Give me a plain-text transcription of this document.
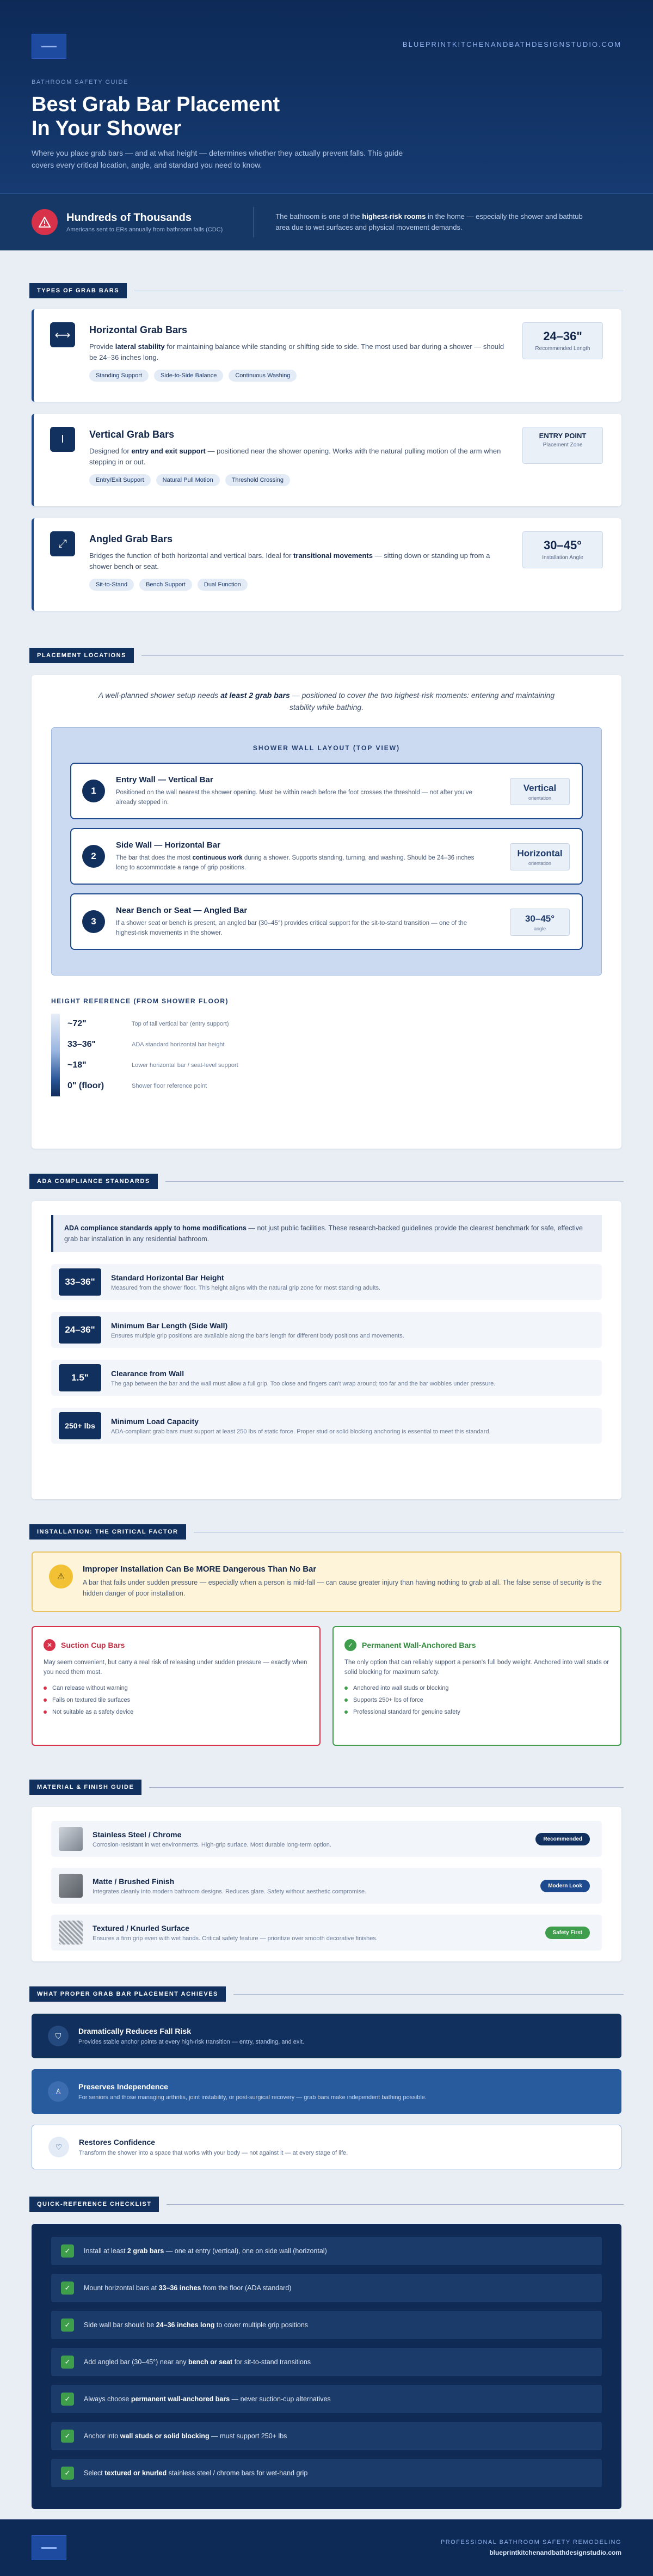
BLUEPRINTKITCHENANDBATHDESIGNSTUDIO.COM
BATHROOM SAFETY GUIDE
Best Grab Bar Placement
In Your Shower

Where you place grab bars — and at what height — determines whether they actually prevent falls. This guide covers every critical location, angle, and standard you need to know.

Hundreds of Thousands
Americans sent to ERs annually from bathroom falls (CDC)
The bathroom is one of the highest-risk rooms in the home — especially the shower and bathtub area due to wet surfaces and physical movement demands.
TYPES OF GRAB BARS
⟷	Horizontal Grab Bars
Provide lateral stability for maintaining balance while standing or shifting side to side. The most used bar during a shower — should be 24–36 inches long.
Standing Support	Side-to-Side Balance	Continuous Washing
24–36"
Recommended Length
I	Vertical Grab Bars
Designed for entry and exit support — positioned near the shower opening. Works with the natural pulling motion of the arm when stepping in or out.
Entry/Exit Support	Natural Pull Motion	Threshold Crossing
ENTRY POINT
Placement Zone
⤢	Angled Grab Bars
Bridges the function of both horizontal and vertical bars. Ideal for transitional movements — sitting down or standing up from a shower bench or seat.
Sit-to-Stand	Bench Support	Dual Function
30–45°
Installation Angle
PLACEMENT LOCATIONS

A well-planned shower setup needs at least 2 grab bars — positioned to cover the two highest-risk moments: entering and maintaining stability while bathing.

SHOWER WALL LAYOUT (TOP VIEW)
1
Entry Wall — Vertical Bar
Positioned on the wall nearest the shower opening. Must be within reach before the foot crosses the threshold — not after you've already stepped in.
Vertical
orientation
2
Side Wall — Horizontal Bar
The bar that does the most continuous work during a shower. Supports standing, turning, and washing. Should be 24–36 inches long to accommodate a range of grip positions.
Horizontal
orientation
3
Near Bench or Seat — Angled Bar
If a shower seat or bench is present, an angled bar (30–45°) provides critical support for the sit-to-stand transition — one of the highest-risk movements in the shower.
30–45°
angle
HEIGHT REFERENCE (FROM SHOWER FLOOR)
~72"	Top of tall vertical bar (entry support)
33–36"	ADA standard horizontal bar height
~18"	Lower horizontal bar / seat-level support
0" (floor)	Shower floor reference point
ADA COMPLIANCE STANDARDS
ADA compliance standards apply to home modifications — not just public facilities. These research-backed guidelines provide the clearest benchmark for safe, effective grab bar installation in any residential bathroom.
33–36"	Standard Horizontal Bar Height
Measured from the shower floor. This height aligns with the natural grip zone for most standing adults.
24–36"	Minimum Bar Length (Side Wall)
Ensures multiple grip positions are available along the bar's length for different body positions and movements.
1.5"	Clearance from Wall
The gap between the bar and the wall must allow a full grip. Too close and fingers can't wrap around; too far and the bar wobbles under pressure.
250+ lbs
Minimum Load Capacity
ADA-compliant grab bars must support at least 250 lbs of static force. Proper stud or solid blocking anchoring is essential to meet this standard.
INSTALLATION: THE CRITICAL FACTOR
⚠
Improper Installation Can Be MORE Dangerous Than No Bar
A bar that fails under sudden pressure — especially when a person is mid-fall — can cause greater injury than having nothing to grab at all. The false sense of security is the hidden danger of poor installation.
✕	Suction Cup Bars
May seem convenient, but carry a real risk of releasing under sudden pressure — exactly when you need them most.
Can release without warning
Fails on textured tile surfaces
Not suitable as a safety device
✓	Permanent Wall-Anchored Bars
The only option that can reliably support a person's full body weight. Anchored into wall studs or solid blocking for maximum safety.
Anchored into wall studs or blocking
Supports 250+ lbs of force
Professional standard for genuine safety
MATERIAL & FINISH GUIDE
Stainless Steel / Chrome
Corrosion-resistant in wet environments. High-grip surface. Most durable long-term option.
Recommended
Matte / Brushed Finish
Integrates cleanly into modern bathroom designs. Reduces glare. Safety without aesthetic compromise.
Modern Look
Textured / Knurled Surface
Ensures a firm grip even with wet hands. Critical safety feature — prioritize over smooth decorative finishes.
Safety First
WHAT PROPER GRAB BAR PLACEMENT ACHIEVES
⛉
Dramatically Reduces Fall Risk
Provides stable anchor points at every high-risk transition — entry, standing, and exit.
♙
Preserves Independence
For seniors and those managing arthritis, joint instability, or post-surgical recovery — grab bars make independent bathing possible.
♡
Restores Confidence
Transform the shower into a space that works with your body — not against it — at every stage of life.
QUICK-REFERENCE CHECKLIST
✓	Install at least 2 grab bars — one at entry (vertical), one on side wall (horizontal)
✓	Mount horizontal bars at 33–36 inches from the floor (ADA standard)
✓	Side wall bar should be 24–36 inches long to cover multiple grip positions
✓	Add angled bar (30–45°) near any bench or seat for sit-to-stand transitions
✓	Always choose permanent wall-anchored bars — never suction-cup alternatives
✓	Anchor into wall studs or solid blocking — must support 250+ lbs
✓	Select textured or knurled stainless steel / chrome bars for wet-hand grip
PROFESSIONAL BATHROOM SAFETY REMODELING
blueprintkitchenandbathdesignstudio.com
